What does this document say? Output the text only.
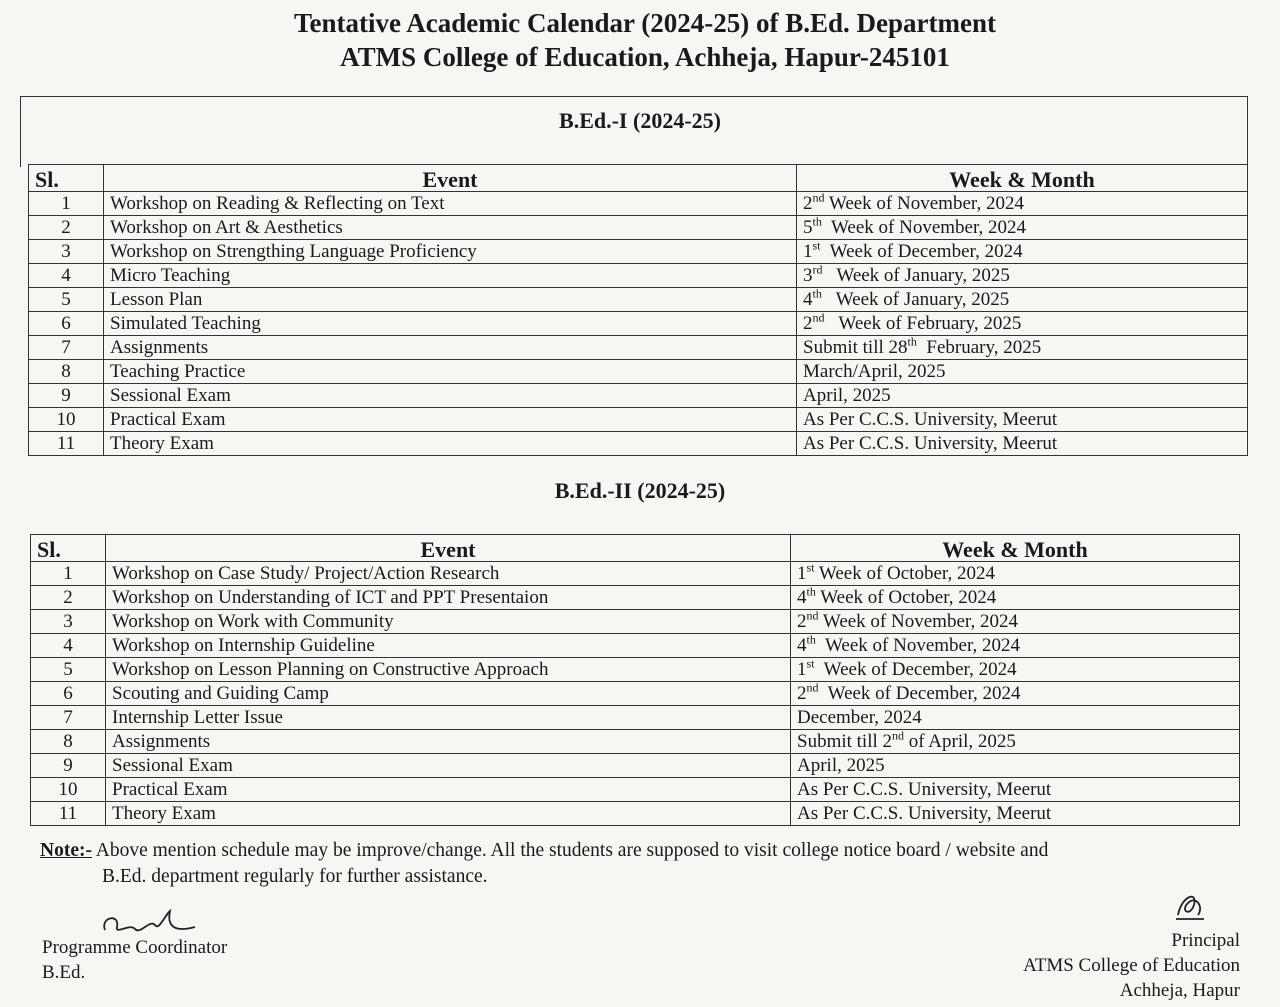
Tentative Academic Calendar (2024-25) of B.Ed. Department
ATMS College of Education, Achheja, Hapur-245101
B.Ed.-I (2024-25)
Sl.	Event	Week & Month
1	Workshop on Reading & Reflecting on Text	2nd Week of November, 2024
2	Workshop on Art & Aesthetics	5th  Week of November, 2024
3	Workshop on Strengthing Language Proficiency	1st  Week of December, 2024
4	Micro Teaching	3rd   Week of January, 2025
5	Lesson Plan	4th   Week of January, 2025
6	Simulated Teaching	2nd   Week of February, 2025
7	Assignments	Submit till 28th  February, 2025
8	Teaching Practice	March/April, 2025
9	Sessional Exam	April, 2025
10	Practical Exam	As Per C.C.S. University, Meerut
11	Theory Exam	As Per C.C.S. University, Meerut
B.Ed.-II (2024-25)
Sl.	Event	Week & Month
1	Workshop on Case Study/ Project/Action Research	1st Week of October, 2024
2	Workshop on Understanding of ICT and PPT Presentaion	4th Week of October, 2024
3	Workshop on Work with Community	2nd Week of November, 2024
4	Workshop on Internship Guideline	4th  Week of November, 2024
5	Workshop on Lesson Planning on Constructive Approach	1st  Week of December, 2024
6	Scouting and Guiding Camp	2nd  Week of December, 2024
7	Internship Letter Issue	December, 2024
8	Assignments	Submit till 2nd of April, 2025
9	Sessional Exam	April, 2025
10	Practical Exam	As Per C.C.S. University, Meerut
11	Theory Exam	As Per C.C.S. University, Meerut
Note:- Above mention schedule may be improve/change. All the students are supposed to visit college notice board / website and
B.Ed. department regularly for further assistance.
Programme Coordinator
B.Ed.
Principal
ATMS College of Education
Achheja, Hapur
